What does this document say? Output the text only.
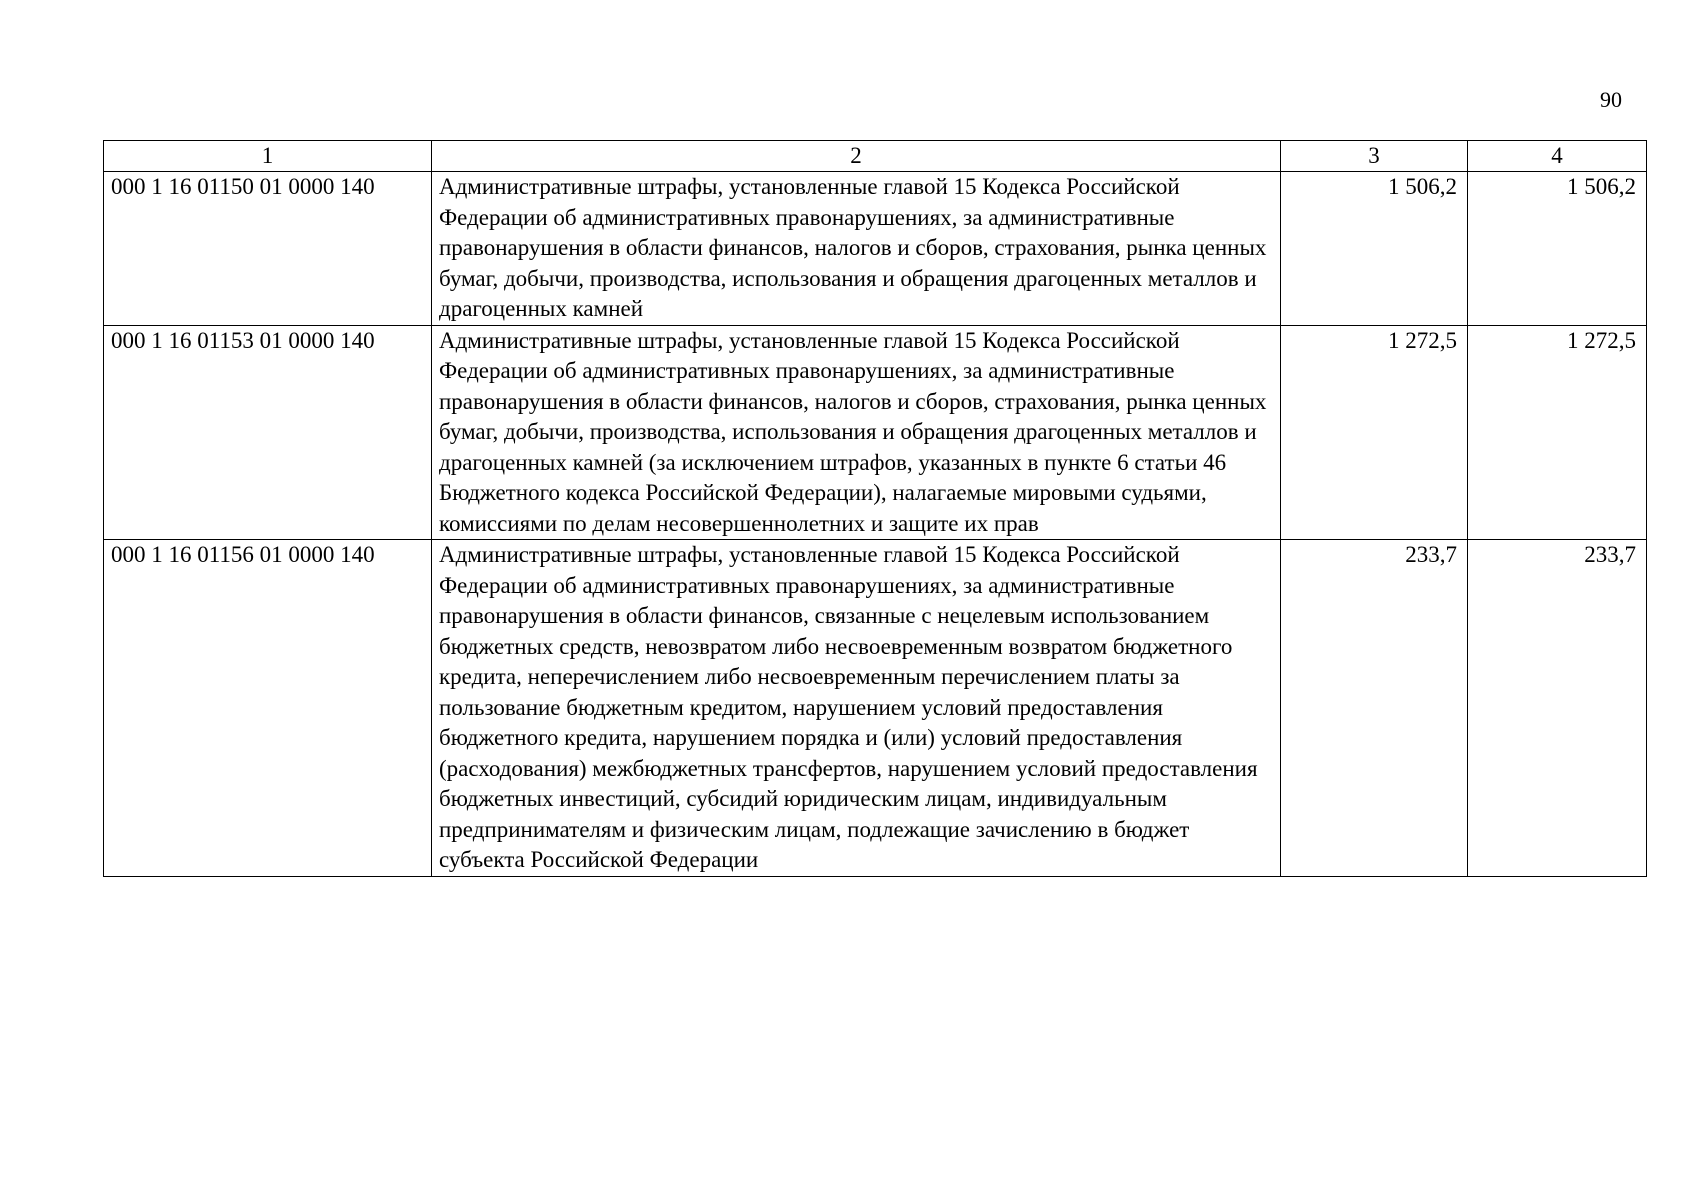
90
1	2	3	4
000 1 16 01150 01 0000 140	Административные штрафы, установленные главой 15 Кодекса Российской Федерации об административных правонарушениях, за административные правонарушения в области финансов, налогов и сборов, страхования, рынка ценных бумаг, добычи, производства, использования и обращения драгоценных металлов и драгоценных камней	1 506,2	1 506,2
000 1 16 01153 01 0000 140	Административные штрафы, установленные главой 15 Кодекса Российской Федерации об административных правонарушениях, за административные правонарушения в области финансов, налогов и сборов, страхования, рынка ценных бумаг, добычи, производства, использования и обращения драгоценных металлов и драгоценных камней (за исключением штрафов, указанных в пункте 6 статьи 46 Бюджетного кодекса Российской Федерации), налагаемые мировыми судьями, комиссиями по делам несовершеннолетних и защите их прав	1 272,5	1 272,5
000 1 16 01156 01 0000 140	Административные штрафы, установленные главой 15 Кодекса Российской Федерации об административных правонарушениях, за административные правонарушения в области финансов, связанные с нецелевым использованием бюджетных средств, невозвратом либо несвоевременным возвратом бюджетного кредита, неперечислением либо несвоевременным перечислением платы за пользование бюджетным кредитом, нарушением условий предоставления бюджетного кредита, нарушением порядка и (или) условий предоставления (расходования) межбюджетных трансфертов, нарушением условий предоставления бюджетных инвестиций, субсидий юридическим лицам, индивидуальным предпринимателям и физическим лицам, подлежащие зачислению в бюджет субъекта Российской Федерации	233,7	233,7
